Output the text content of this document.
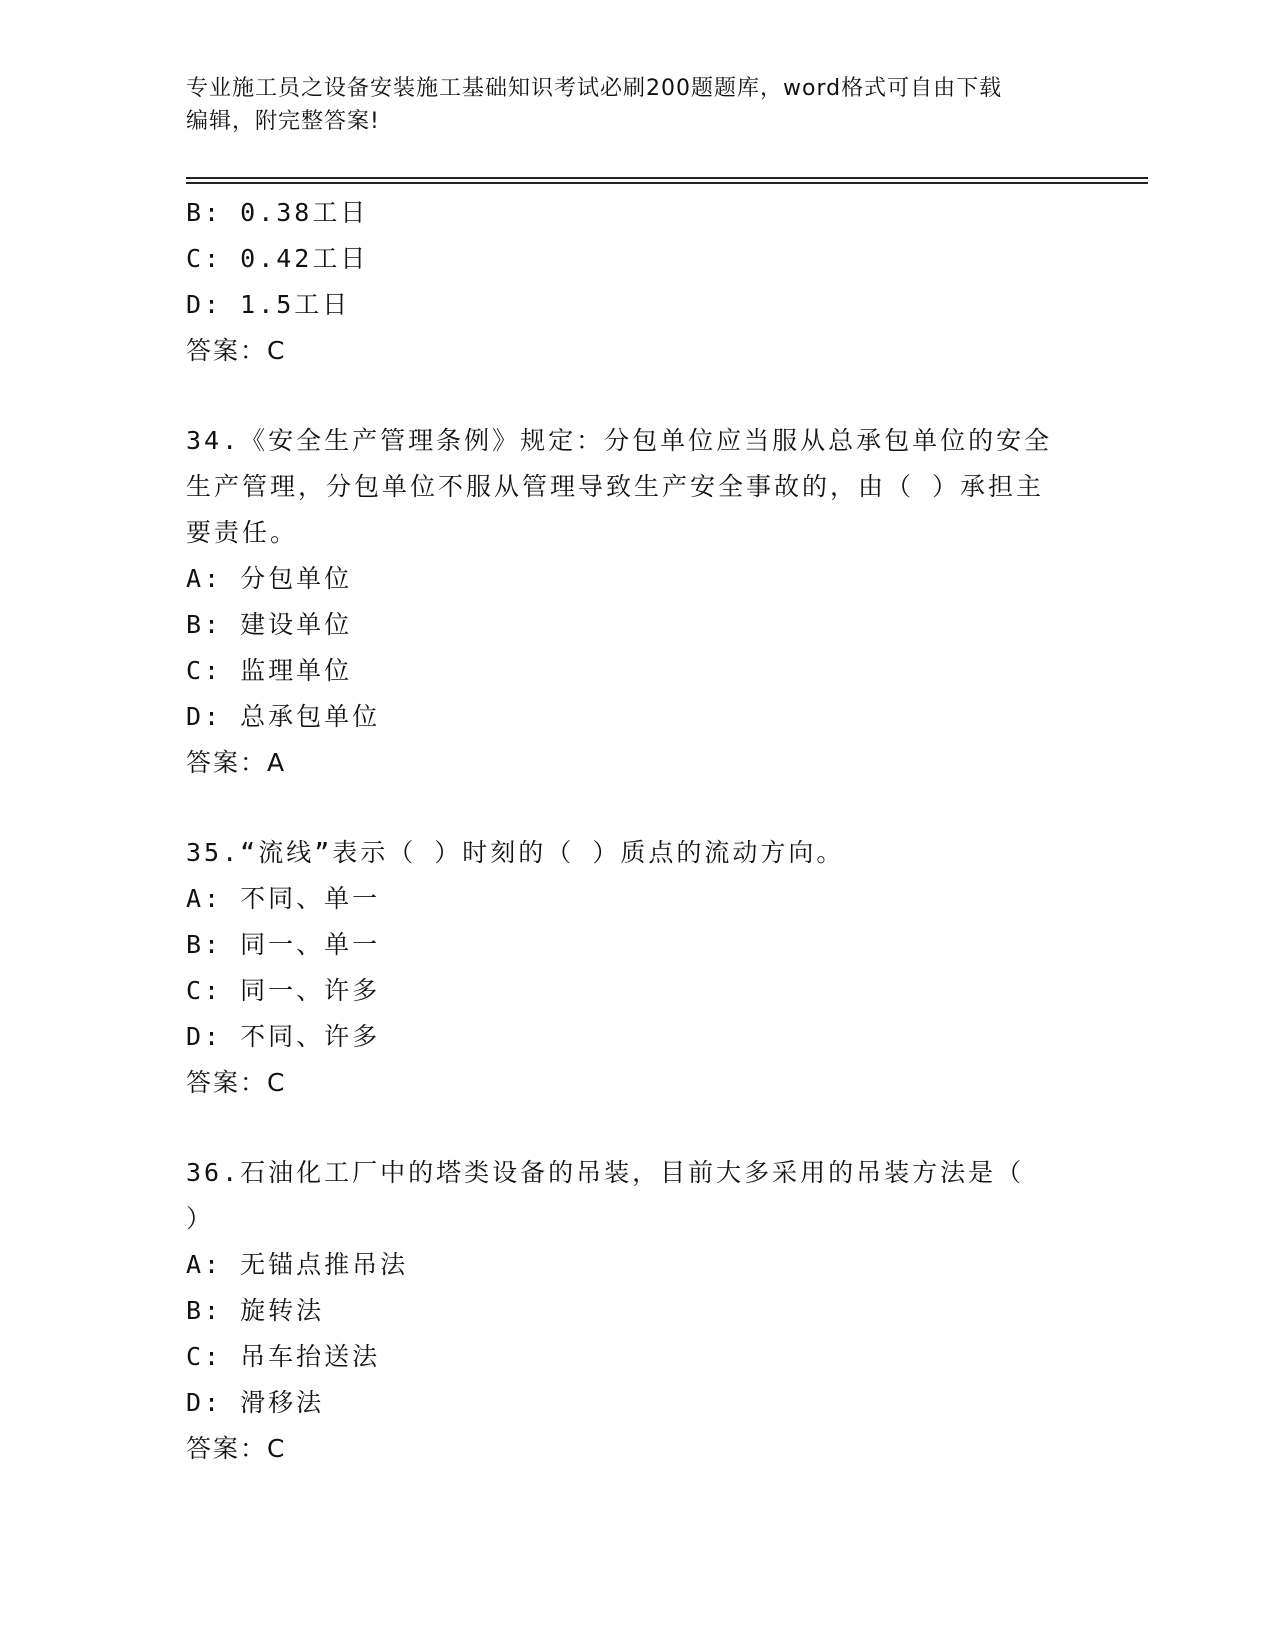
专业施工员之设备安装施工基础知识考试必刷200题题库，word格式可自由下载
编辑，附完整答案!
B: 0.38工日
C: 0.42工日
D: 1.5工日
答案：C
34.《安全生产管理条例》规定：分包单位应当服从总承包单位的安全
生产管理，分包单位不服从管理导致生产安全事故的，由（ ）承担主
要责任。
A: 分包单位
B: 建设单位
C: 监理单位
D: 总承包单位
答案：A
35.“流线”表示（ ）时刻的（ ）质点的流动方向。
A: 不同、单一
B: 同一、单一
C: 同一、许多
D: 不同、许多
答案：C
36.石油化工厂中的塔类设备的吊装，目前大多采用的吊装方法是（
）
A: 无锚点推吊法
B: 旋转法
C: 吊车抬送法
D: 滑移法
答案：C
